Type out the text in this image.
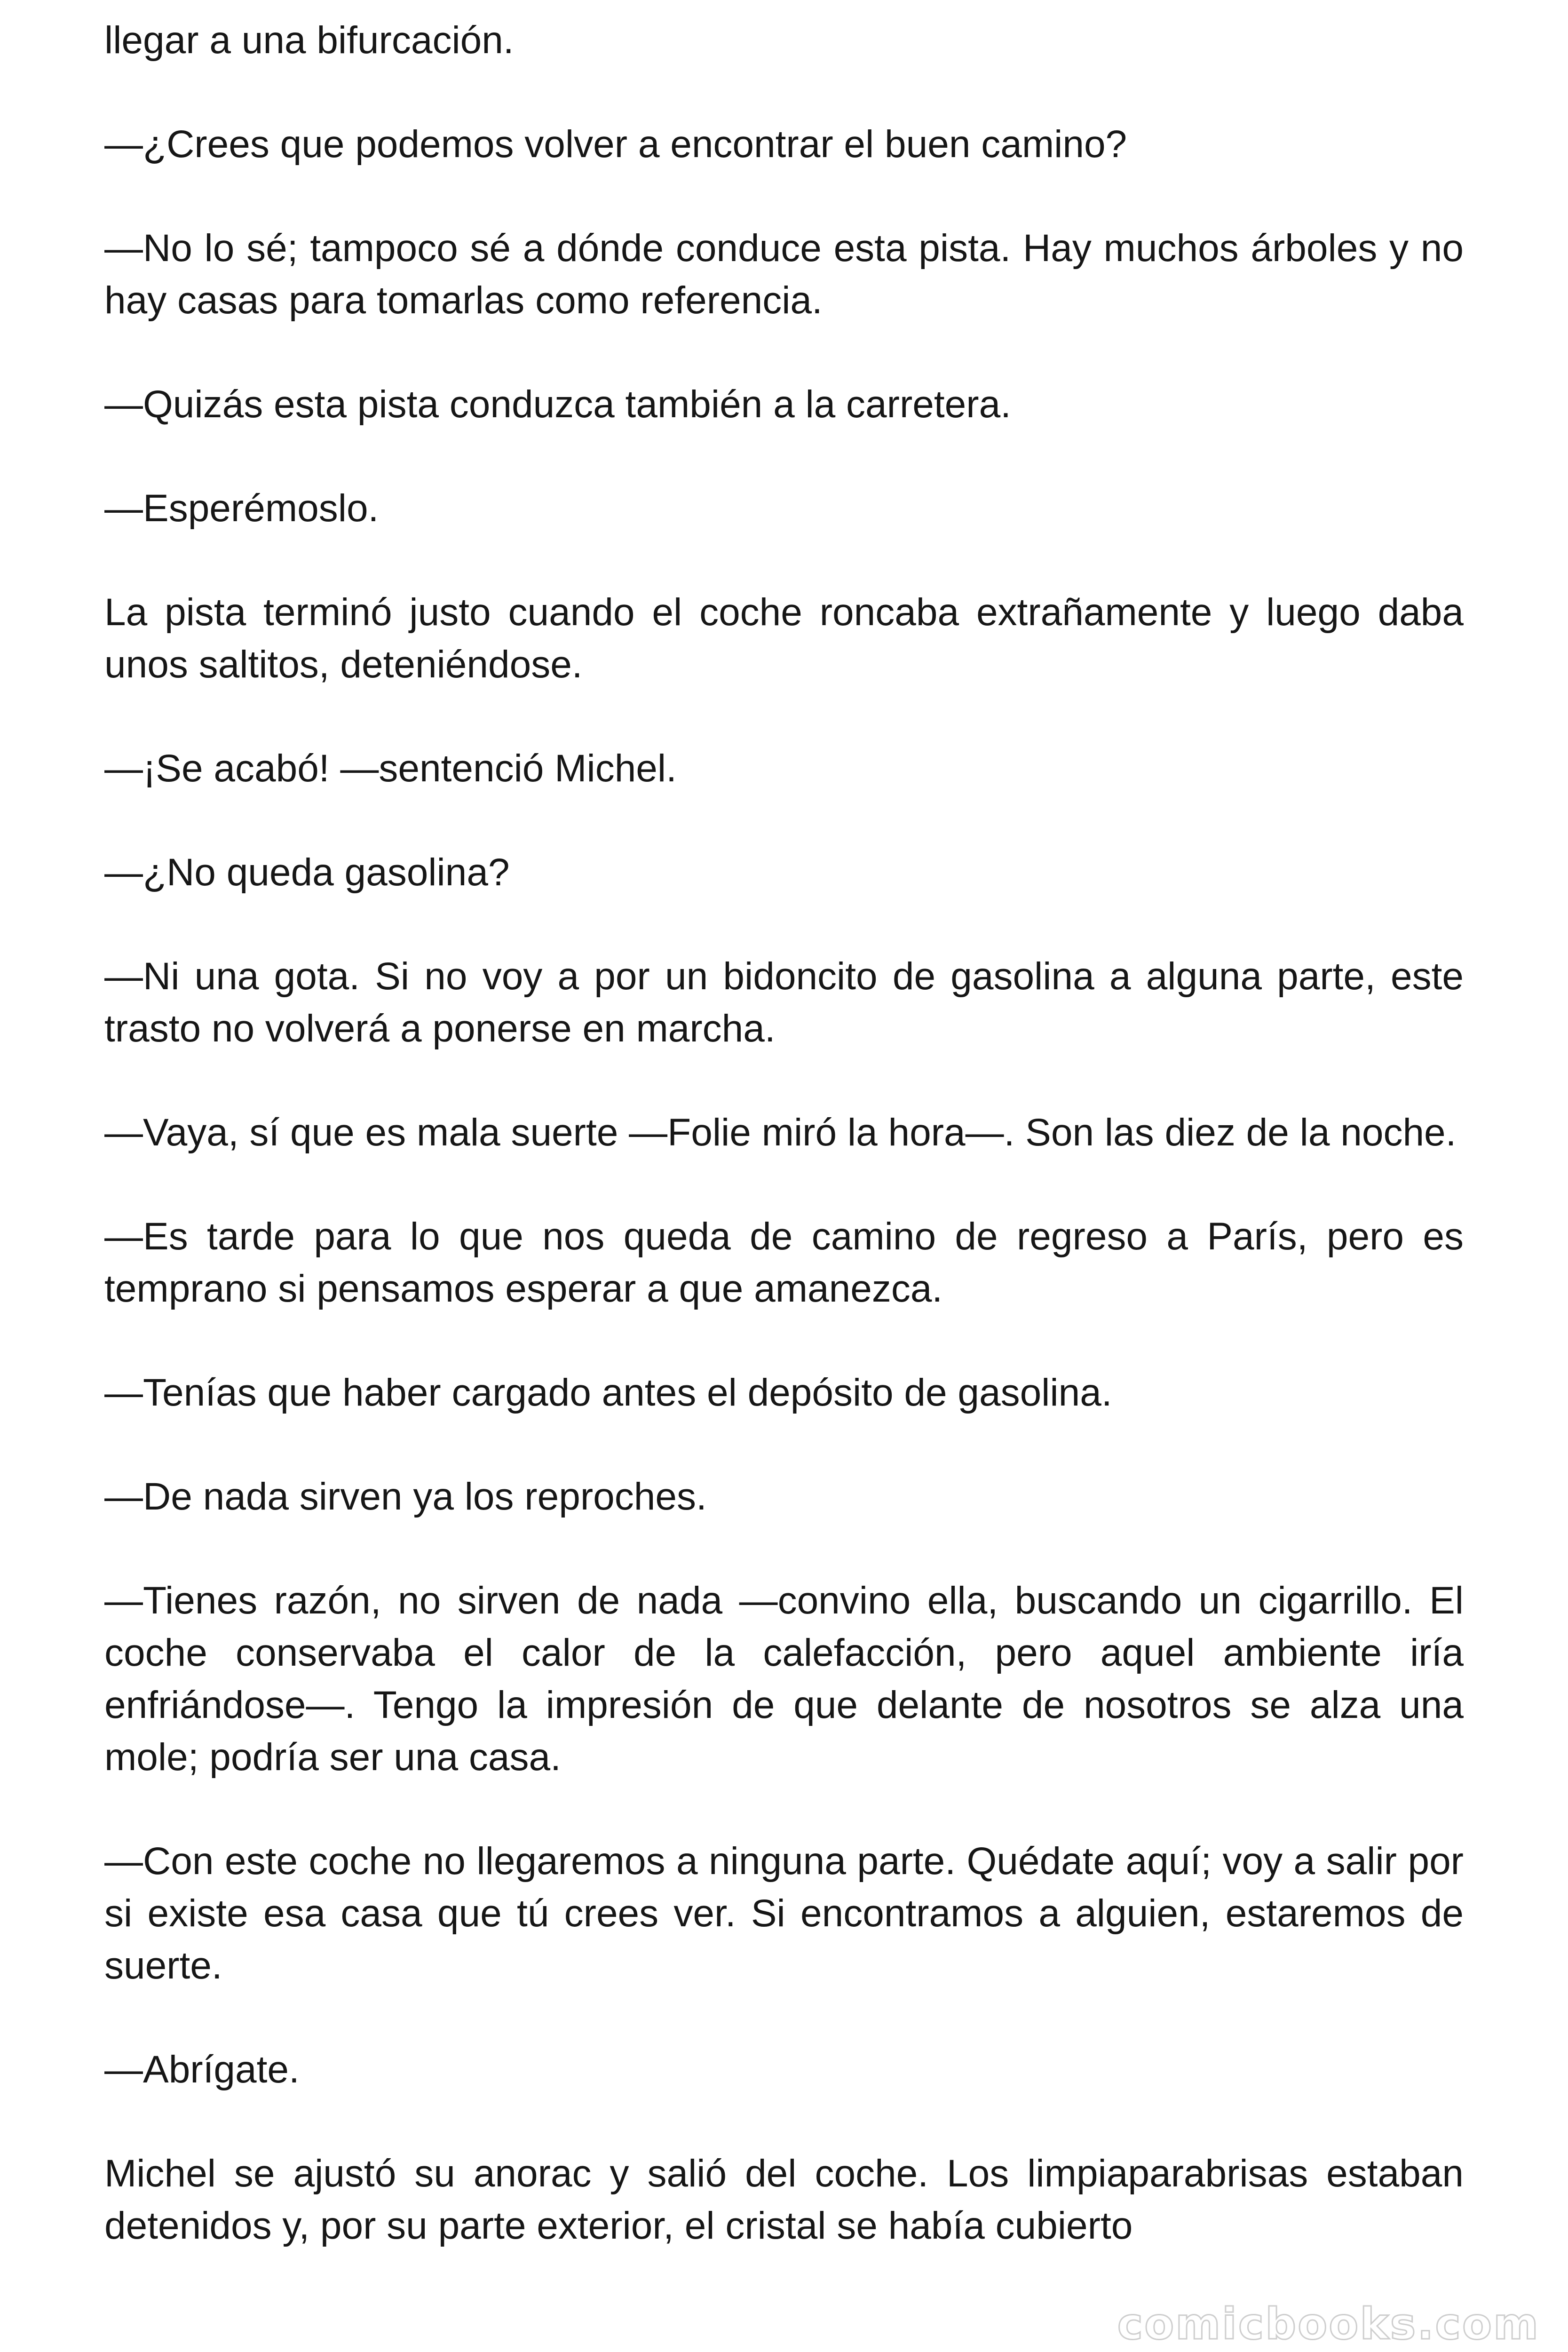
llegar a una bifurcación.

—¿Crees que podemos volver a encontrar el buen camino?

—No lo sé; tampoco sé a dónde conduce esta pista. Hay muchos árboles y no hay casas para tomarlas como referencia.

—Quizás esta pista conduzca también a la carretera.

—Esperémoslo.

La pista terminó justo cuando el coche roncaba extrañamente y luego daba unos saltitos, deteniéndose.

—¡Se acabó! —sentenció Michel.

—¿No queda gasolina?

—Ni una gota. Si no voy a por un bidoncito de gasolina a alguna parte, este trasto no volverá a ponerse en marcha.

—Vaya, sí que es mala suerte —Folie miró la hora—. Son las diez de la noche.

—Es tarde para lo que nos queda de camino de regreso a París, pero es temprano si pensamos esperar a que amanezca.

—Tenías que haber cargado antes el depósito de gasolina.

—De nada sirven ya los reproches.

—Tienes razón, no sirven de nada —convino ella, buscando un cigarrillo. El coche conservaba el calor de la calefacción, pero aquel ambiente iría enfriándose—. Tengo la impresión de que delante de nosotros se alza una mole; podría ser una casa.

—Con este coche no llegaremos a ninguna parte. Quédate aquí; voy a salir por si existe esa casa que tú crees ver. Si encontramos a alguien, estaremos de suerte.

—Abrígate.

Michel se ajustó su anorac y salió del coche. Los limpiaparabrisas estaban detenidos y, por su parte exterior, el cristal se había cubierto

comicbooks.com
